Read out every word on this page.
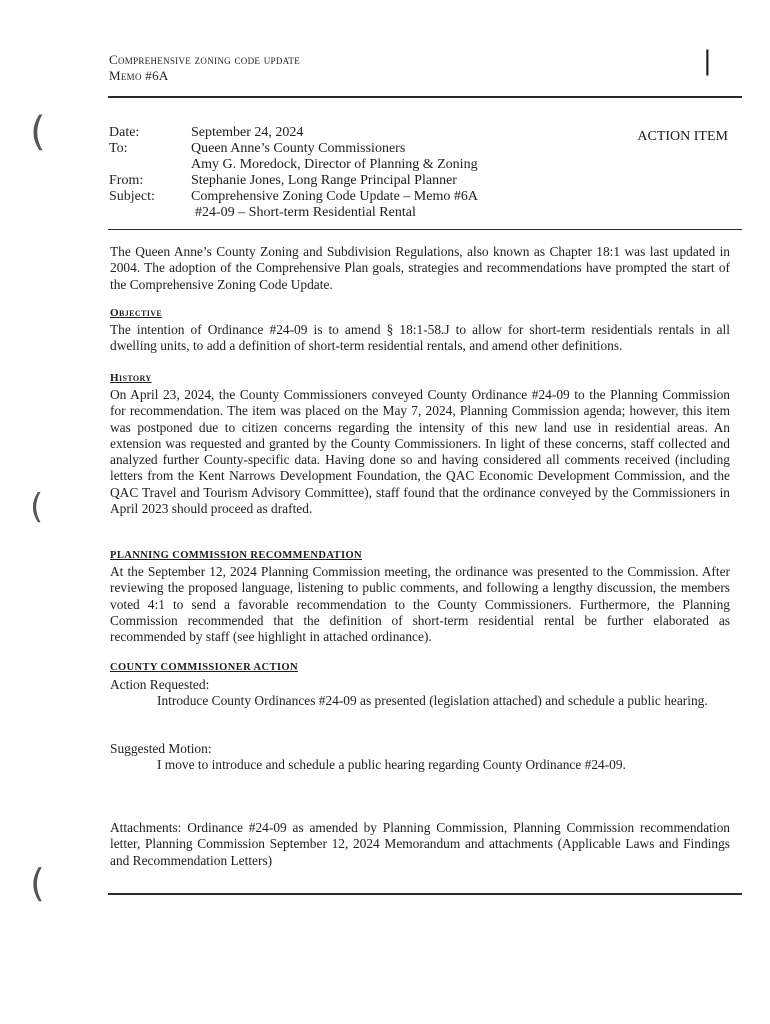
Comprehensive zoning code update
Memo #6A	|
(
(
(
Date:
To:
From:
Subject:
September 24, 2024
Queen Anne’s County Commissioners
Amy G. Moredock, Director of Planning & Zoning
Stephanie Jones, Long Range Principal Planner
Comprehensive Zoning Code Update – Memo #6A
#24-09 – Short-term Residential Rental
ACTION ITEM
The Queen Anne’s County Zoning and Subdivision Regulations, also known as Chapter 18:1 was last updated in 2004. The adoption of the Comprehensive Plan goals, strategies and recommendations have prompted the start of the Comprehensive Zoning Code Update.
Objective
The intention of Ordinance #24-09 is to amend § 18:1-58.J to allow for short-term residentials rentals in all dwelling units, to add a definition of short-term residential rentals, and amend other definitions.
History
On April 23, 2024, the County Commissioners conveyed County Ordinance #24-09 to the Planning Commission for recommendation. The item was placed on the May 7, 2024, Planning Commission agenda; however, this item was postponed due to citizen concerns regarding the intensity of this new land use in residential areas. An extension was requested and granted by the County Commissioners. In light of these concerns, staff collected and analyzed further County-specific data. Having done so and having considered all comments received (including letters from the Kent Narrows Development Foundation, the QAC Economic Development Commission, and the QAC Travel and Tourism Advisory Committee), staff found that the ordinance conveyed by the Commissioners in April 2023 should proceed as drafted.
PLANNING COMMISSION RECOMMENDATION
At the September 12, 2024 Planning Commission meeting, the ordinance was presented to the Commission. After reviewing the proposed language, listening to public comments, and following a lengthy discussion, the members voted 4:1 to send a favorable recommendation to the County Commissioners. Furthermore, the Planning Commission recommended that the definition of short-term residential rental be further elaborated as recommended by staff (see highlight in attached ordinance).
COUNTY COMMISSIONER ACTION
Action Requested:
Introduce County Ordinances #24-09 as presented (legislation attached) and schedule a public hearing.
Suggested Motion:
I move to introduce and schedule a public hearing regarding County Ordinance #24-09.
Attachments: Ordinance #24-09 as amended by Planning Commission, Planning Commission recommendation letter, Planning Commission September 12, 2024 Memorandum and attachments (Applicable Laws and Findings and Recommendation Letters)
